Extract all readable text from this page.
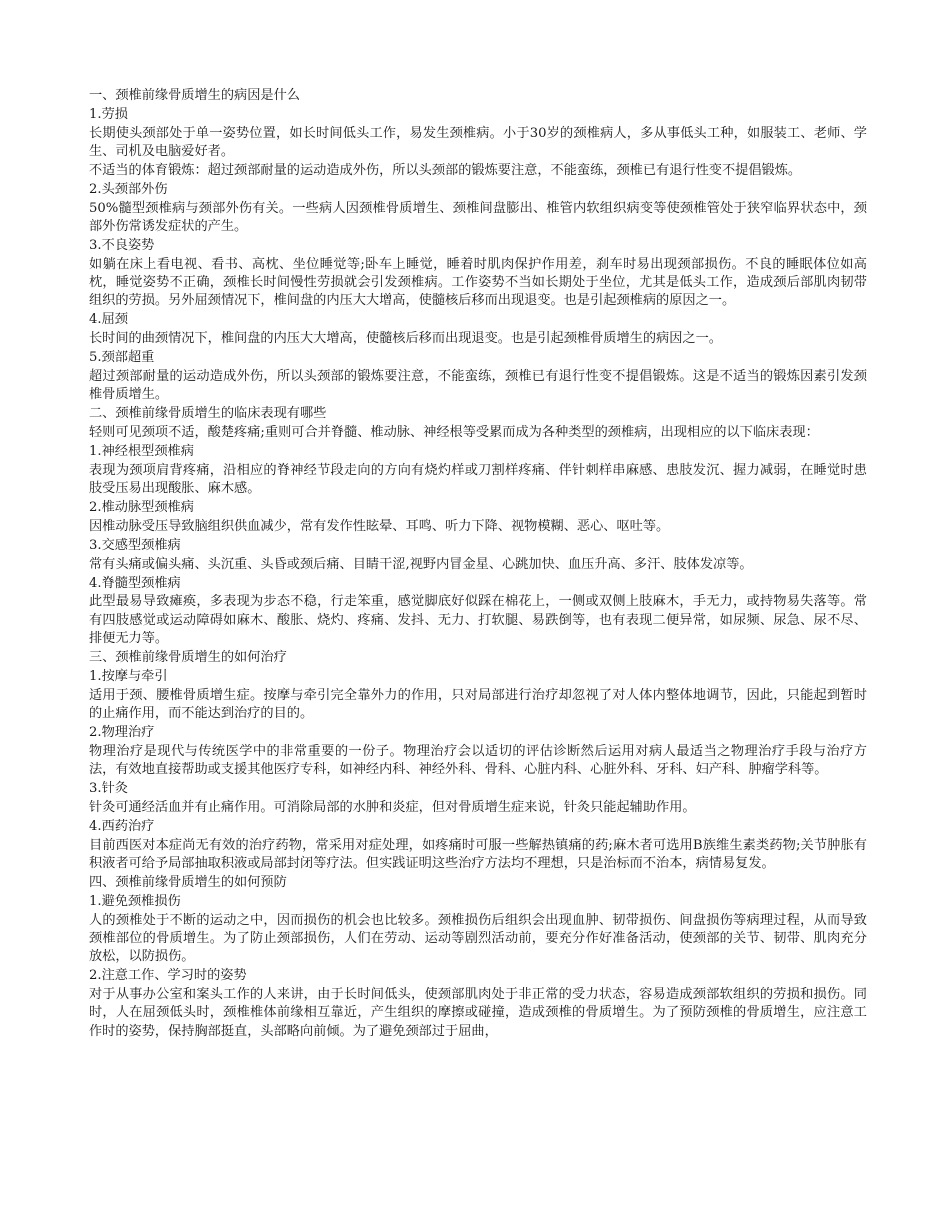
一、颈椎前缘骨质增生的病因是什么

1.劳损

长期使头颈部处于单一姿势位置，如长时间低头工作，易发生颈椎病。小于30岁的颈椎病人，多从事低头工种，如服装工、老师、学生、司机及电脑爱好者。

不适当的体育锻炼：超过颈部耐量的运动造成外伤，所以头颈部的锻炼要注意，不能蛮练，颈椎已有退行性变不提倡锻炼。

2.头颈部外伤

50%髓型颈椎病与颈部外伤有关。一些病人因颈椎骨质增生、颈椎间盘膨出、椎管内软组织病变等使颈椎管处于狭窄临界状态中，颈部外伤常诱发症状的产生。

3.不良姿势

如躺在床上看电视、看书、高枕、坐位睡觉等;卧车上睡觉，睡着时肌肉保护作用差，刹车时易出现颈部损伤。不良的睡眠体位如高枕，睡觉姿势不正确，颈椎长时间慢性劳损就会引发颈椎病。工作姿势不当如长期处于坐位，尤其是低头工作，造成颈后部肌肉韧带组织的劳损。另外屈颈情况下，椎间盘的内压大大增高，使髓核后移而出现退变。也是引起颈椎病的原因之一。

4.屈颈

长时间的曲颈情况下，椎间盘的内压大大增高，使髓核后移而出现退变。也是引起颈椎骨质增生的病因之一。

5.颈部超重

超过颈部耐量的运动造成外伤，所以头颈部的锻炼要注意，不能蛮练，颈椎已有退行性变不提倡锻炼。这是不适当的锻炼因素引发颈椎骨质增生。

二、颈椎前缘骨质增生的临床表现有哪些

轻则可见颈项不适，酸楚疼痛;重则可合并脊髓、椎动脉、神经根等受累而成为各种类型的颈椎病，出现相应的以下临床表现：

1.神经根型颈椎病

表现为颈项肩背疼痛，沿相应的脊神经节段走向的方向有烧灼样或刀割样疼痛、伴针刺样串麻感、患肢发沉、握力减弱，在睡觉时患肢受压易出现酸胀、麻木感。

2.椎动脉型颈椎病

因椎动脉受压导致脑组织供血减少，常有发作性眩晕、耳鸣、听力下降、视物模糊、恶心、呕吐等。

3.交感型颈椎病

常有头痛或偏头痛、头沉重、头昏或颈后痛、目睛干涩,视野内冒金星、心跳加快、血压升高、多汗、肢体发凉等。

4.脊髓型颈椎病

此型最易导致瘫痪，多表现为步态不稳，行走笨重，感觉脚底好似踩在棉花上，一侧或双侧上肢麻木，手无力，或持物易失落等。常有四肢感觉或运动障碍如麻木、酸胀、烧灼、疼痛、发抖、无力、打软腿、易跌倒等，也有表现二便异常，如尿频、尿急、尿不尽、排便无力等。

三、颈椎前缘骨质增生的如何治疗

1.按摩与牵引

适用于颈、腰椎骨质增生症。按摩与牵引完全靠外力的作用，只对局部进行治疗却忽视了对人体内整体地调节，因此，只能起到暂时的止痛作用，而不能达到治疗的目的。

2.物理治疗

物理治疗是现代与传统医学中的非常重要的一份子。物理治疗会以适切的评估诊断然后运用对病人最适当之物理治疗手段与治疗方法，有效地直接帮助或支援其他医疗专科，如神经内科、神经外科、骨科、心脏内科、心脏外科、牙科、妇产科、肿瘤学科等。

3.针灸

针灸可通经活血并有止痛作用。可消除局部的水肿和炎症，但对骨质增生症来说，针灸只能起辅助作用。

4.西药治疗

目前西医对本症尚无有效的治疗药物，常采用对症处理，如疼痛时可服一些解热镇痛的药;麻木者可选用B族维生素类药物;关节肿胀有积液者可给予局部抽取积液或局部封闭等疗法。但实践证明这些治疗方法均不理想，只是治标而不治本，病情易复发。

四、颈椎前缘骨质增生的如何预防

1.避免颈椎损伤

人的颈椎处于不断的运动之中，因而损伤的机会也比较多。颈椎损伤后组织会出现血肿、韧带损伤、间盘损伤等病理过程，从而导致颈椎部位的骨质增生。为了防止颈部损伤，人们在劳动、运动等剧烈活动前，要充分作好准备活动，使颈部的关节、韧带、肌肉充分放松，以防损伤。

2.注意工作、学习时的姿势

对于从事办公室和案头工作的人来讲，由于长时间低头，使颈部肌肉处于非正常的受力状态，容易造成颈部软组织的劳损和损伤。同时，人在屈颈低头时，颈椎椎体前缘相互靠近，产生组织的摩擦或碰撞，造成颈椎的骨质增生。为了预防颈椎的骨质增生，应注意工作时的姿势，保持胸部挺直，头部略向前倾。为了避免颈部过于屈曲，
